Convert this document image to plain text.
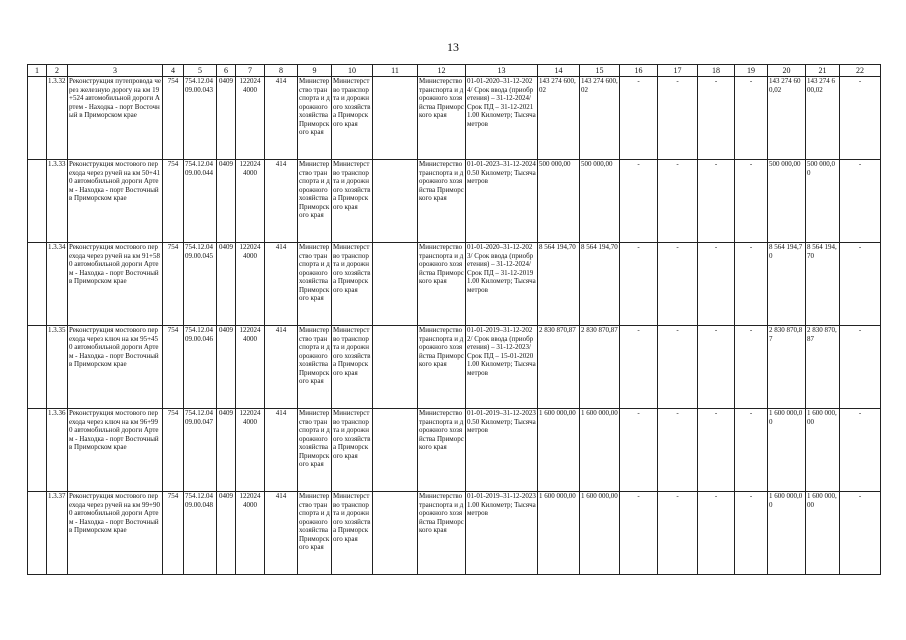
13
1	2	3	4	5	6	7	8	9	10	11	12	13	14	15	16	17	18	19	20	21	22
	1.3.32	Реконструкция путепровода через железную дорогу на км 19+524 автомобильной дороги Артем - Находка - порт Восточный в Приморском крае	754	754.12.04 09.00.043	0409	122024 4000	414	Министерство транспорта и дорожного хозяйства Приморского края	Министерство транспорта и дорожного хозяйства Приморского края		Министерство транспорта и дорожного хозяйства Приморского края	01-01-2020–31-12-2024/ Срок ввода (приобретения) – 31-12-2024/ Срок ПД – 31-12-2021 1.00 Километр; Тысяча метров	143 274 600,02	143 274 600,02	-	-	-	-	143 274 600,02	143 274 600,02	-
	1.3.33	Реконструкция мостового перехода через ручей на км 50+410 автомобильной дороги Артем - Находка - порт Восточный в Приморском крае	754	754.12.04 09.00.044	0409	122024 4000	414	Министерство транспорта и дорожного хозяйства Приморского края	Министерство транспорта и дорожного хозяйства Приморского края		Министерство транспорта и дорожного хозяйства Приморского края	01-01-2023–31-12-2024 0.50 Километр; Тысяча метров	500 000,00	500 000,00	-	-	-	-	500 000,00	500 000,00	-
	1.3.34	Реконструкция мостового перехода через ручей на км 91+580 автомобильной дороги Артем - Находка - порт Восточный в Приморском крае	754	754.12.04 09.00.045	0409	122024 4000	414	Министерство транспорта и дорожного хозяйства Приморского края	Министерство транспорта и дорожного хозяйства Приморского края		Министерство транспорта и дорожного хозяйства Приморского края	01-01-2020–31-12-2023/ Срок ввода (приобретения) – 31-12-2024/ Срок ПД – 31-12-2019 1.00 Километр; Тысяча метров	8 564 194,70	8 564 194,70	-	-	-	-	8 564 194,70	8 564 194,70	-
	1.3.35	Реконструкция мостового перехода через ключ на км 95+450 автомобильной дороги Артем - Находка - порт Восточный в Приморском крае	754	754.12.04 09.00.046	0409	122024 4000	414	Министерство транспорта и дорожного хозяйства Приморского края	Министерство транспорта и дорожного хозяйства Приморского края		Министерство транспорта и дорожного хозяйства Приморского края	01-01-2019–31-12-2022/ Срок ввода (приобретения) – 31-12-2023/ Срок ПД – 15-01-2020 1.00 Километр; Тысяча метров	2 830 870,87	2 830 870,87	-	-	-	-	2 830 870,87	2 830 870,87	-
	1.3.36	Реконструкция мостового перехода через ключ на км 96+990 автомобильной дороги Артем - Находка - порт Восточный в Приморском крае	754	754.12.04 09.00.047	0409	122024 4000	414	Министерство транспорта и дорожного хозяйства Приморского края	Министерство транспорта и дорожного хозяйства Приморского края		Министерство транспорта и дорожного хозяйства Приморского края	01-01-2019–31-12-2023 0.50 Километр; Тысяча метров	1 600 000,00	1 600 000,00	-	-	-	-	1 600 000,00	1 600 000,00	-
	1.3.37	Реконструкция мостового перехода через ручей на км 99+900 автомобильной дороги Артем - Находка - порт Восточный в Приморском крае	754	754.12.04 09.00.048	0409	122024 4000	414	Министерство транспорта и дорожного хозяйства Приморского края	Министерство транспорта и дорожного хозяйства Приморского края		Министерство транспорта и дорожного хозяйства Приморского края	01-01-2019–31-12-2023 1.00 Километр; Тысяча метров	1 600 000,00	1 600 000,00	-	-	-	-	1 600 000,00	1 600 000,00	-
